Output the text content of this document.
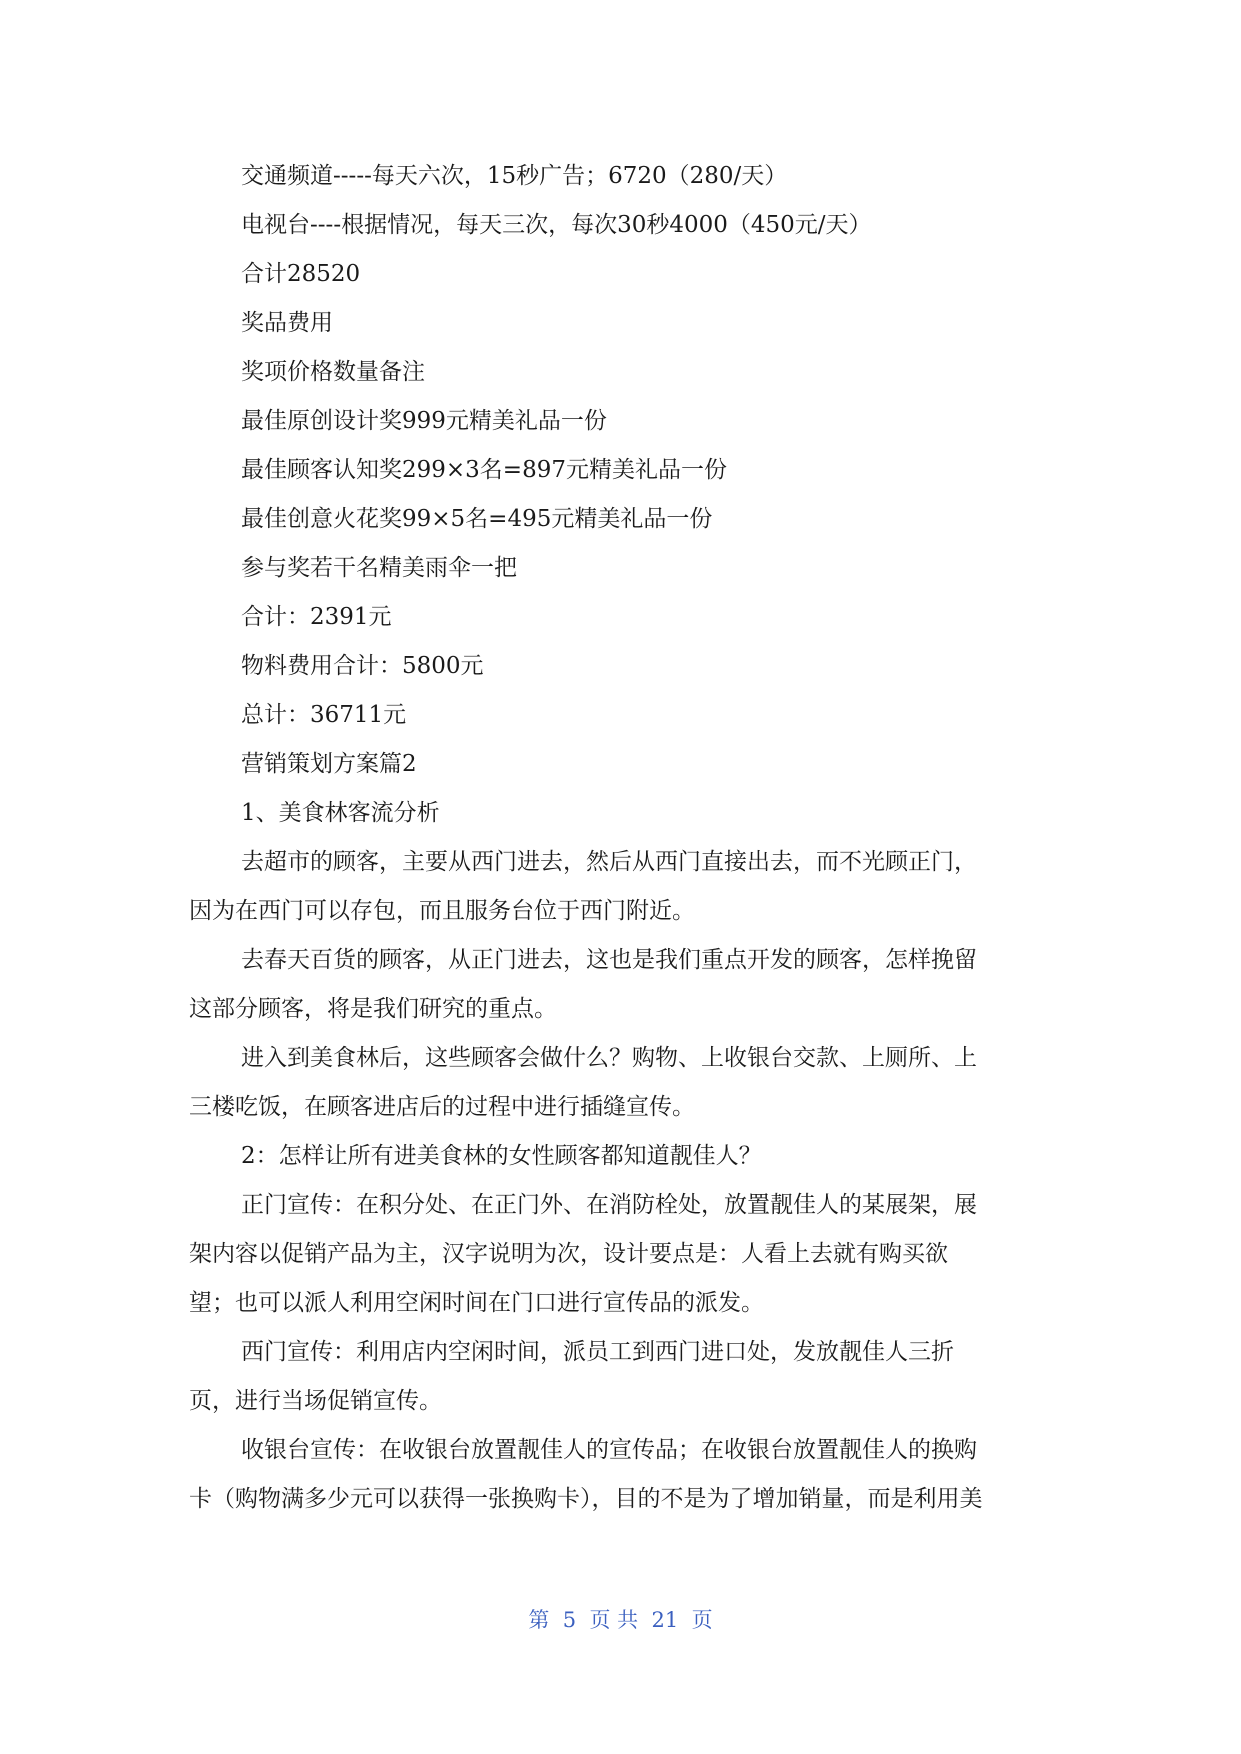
交通频道-----每天六次，15秒广告；6720（280/天）
电视台----根据情况，每天三次，每次30秒4000（450元/天）
合计28520
奖品费用
奖项价格数量备注
最佳原创设计奖999元精美礼品一份
最佳顾客认知奖299×3名=897元精美礼品一份
最佳创意火花奖99×5名=495元精美礼品一份
参与奖若干名精美雨伞一把
合计：2391元
物料费用合计：5800元
总计：36711元
营销策划方案篇2
1、美食林客流分析
去超市的顾客，主要从西门进去，然后从西门直接出去，而不光顾正门，
因为在西门可以存包，而且服务台位于西门附近。
去春天百货的顾客，从正门进去，这也是我们重点开发的顾客，怎样挽留
这部分顾客，将是我们研究的重点。
进入到美食林后，这些顾客会做什么？购物、上收银台交款、上厕所、上
三楼吃饭，在顾客进店后的过程中进行插缝宣传。
2：怎样让所有进美食林的女性顾客都知道靓佳人？
正门宣传：在积分处、在正门外、在消防栓处，放置靓佳人的某展架，展
架内容以促销产品为主，汉字说明为次，设计要点是：人看上去就有购买欲
望；也可以派人利用空闲时间在门口进行宣传品的派发。
西门宣传：利用店内空闲时间，派员工到西门进口处，发放靓佳人三折
页，进行当场促销宣传。
收银台宣传：在收银台放置靓佳人的宣传品；在收银台放置靓佳人的换购
卡（购物满多少元可以获得一张换购卡），目的不是为了增加销量，而是利用美
第  5  页 共  21  页
